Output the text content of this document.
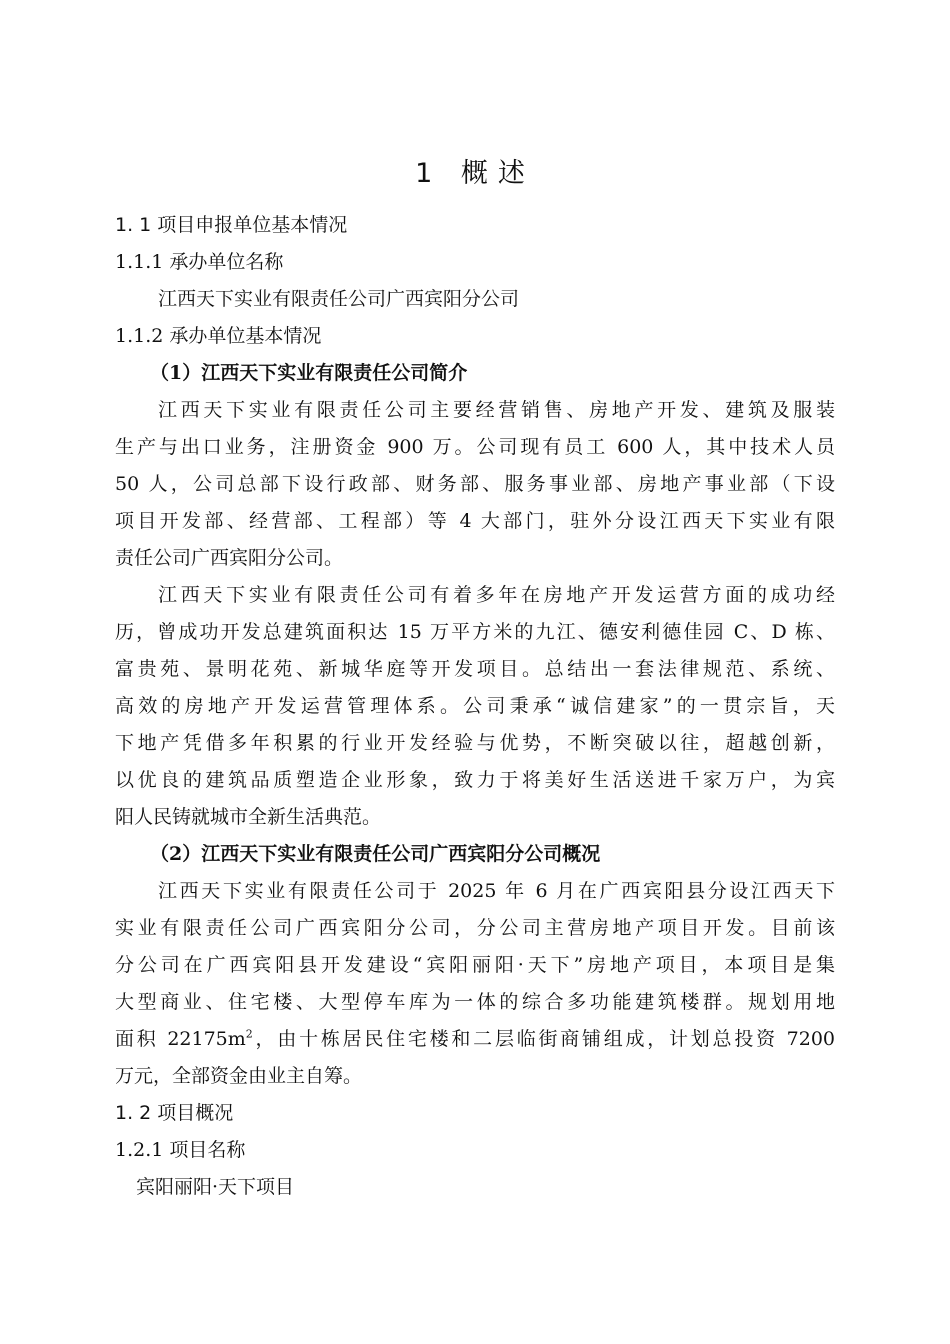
1 概述
1. 1 项目申报单位基本情况
1.1.1 承办单位名称

江西天下实业有限责任公司广西宾阳分公司

1.1.2 承办单位基本情况

（1）江西天下实业有限责任公司简介

江西天下实业有限责任公司主要经营销售、房地产开发、建筑及服装

生产与出口业务，注册资金 900 万。公司现有员工 600 人，其中技术人员

50 人，公司总部下设行政部、财务部、服务事业部、房地产事业部（下设

项目开发部、经营部、工程部）等 4 大部门，驻外分设江西天下实业有限

责任公司广西宾阳分公司。

江西天下实业有限责任公司有着多年在房地产开发运营方面的成功经

历，曾成功开发总建筑面积达 15 万平方米的九江、德安利德佳园 C、D 栋、

富贵苑、景明花苑、新城华庭等开发项目。总结出一套法律规范、系统、

高效的房地产开发运营管理体系。公司秉承“诚信建家”的一贯宗旨，天

下地产凭借多年积累的行业开发经验与优势，不断突破以往，超越创新，

以优良的建筑品质塑造企业形象，致力于将美好生活送进千家万户，为宾

阳人民铸就城市全新生活典范。

（2）江西天下实业有限责任公司广西宾阳分公司概况

江西天下实业有限责任公司于 2025 年 6 月在广西宾阳县分设江西天下

实业有限责任公司广西宾阳分公司，分公司主营房地产项目开发。目前该

分公司在广西宾阳县开发建设“宾阳丽阳·天下”房地产项目，本项目是集

大型商业、住宅楼、大型停车库为一体的综合多功能建筑楼群。规划用地

面积 $22175m^2$，由十栋居民住宅楼和二层临街商铺组成，计划总投资 7200

万元，全部资金由业主自筹。

1. 2 项目概况
1.2.1 项目名称

宾阳丽阳·天下项目
